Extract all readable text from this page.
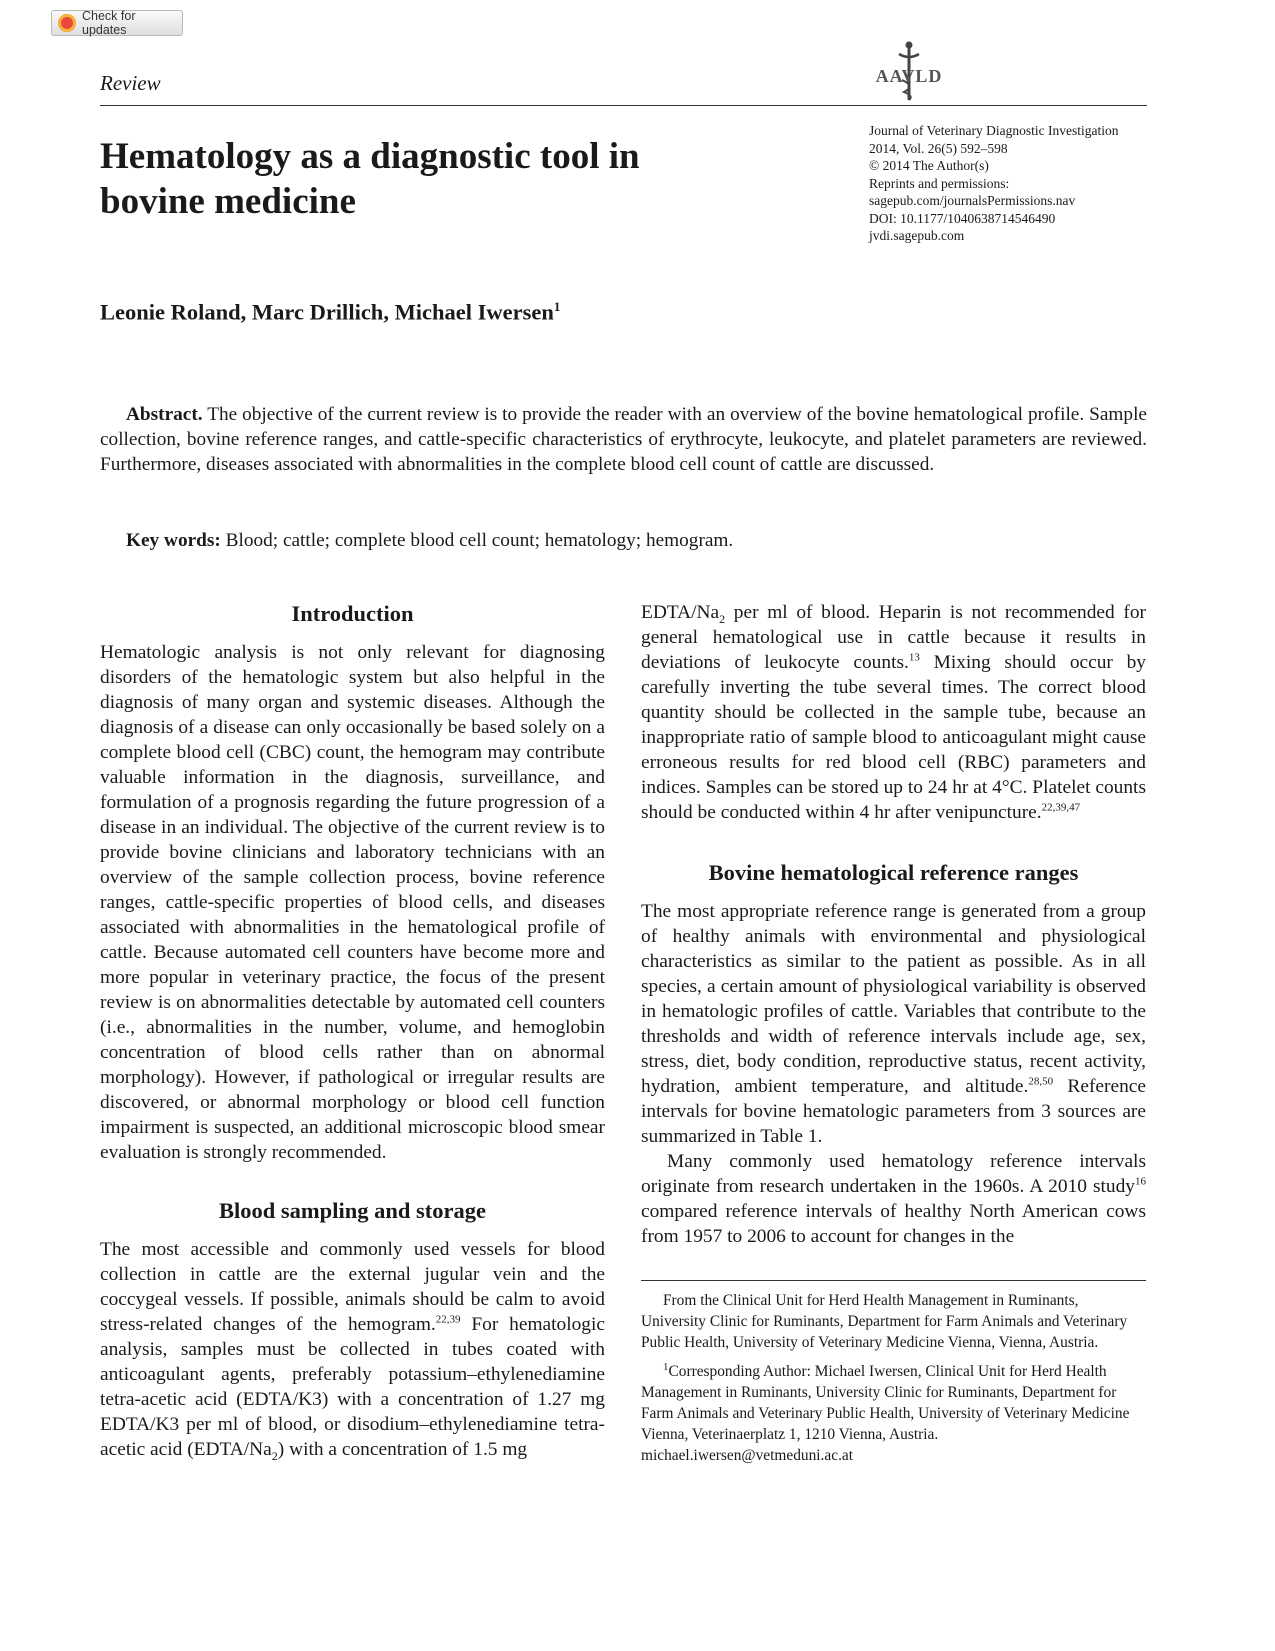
Check for updates
AAVLD
Review
Hematology as a diagnostic tool in
bovine medicine
Journal of Veterinary Diagnostic Investigation
2014, Vol. 26(5) 592–598
© 2014 The Author(s)
Reprints and permissions:
sagepub.com/journalsPermissions.nav
DOI: 10.1177/1040638714546490
jvdi.sagepub.com
Leonie Roland, Marc Drillich, Michael Iwersen$^1$

Abstract. The objective of the current review is to provide the reader with an overview of the bovine hematological profile. Sample collection, bovine reference ranges, and cattle-specific characteristics of erythrocyte, leukocyte, and platelet parameters are reviewed. Furthermore, diseases associated with abnormalities in the complete blood cell count of cattle are discussed.

Key words: Blood; cattle; complete blood cell count; hematology; hemogram.
Introduction

Hematologic analysis is not only relevant for diagnosing disorders of the hematologic system but also helpful in the diagnosis of many organ and systemic diseases. Although the diagnosis of a disease can only occasionally be based solely on a complete blood cell (CBC) count, the hemogram may contribute valuable information in the diagnosis, surveillance, and formulation of a prognosis regarding the future progression of a disease in an individual. The objective of the current review is to provide bovine clinicians and laboratory technicians with an overview of the sample collection process, bovine reference ranges, cattle-specific properties of blood cells, and diseases associated with abnormalities in the hematological profile of cattle. Because automated cell counters have become more and more popular in veterinary practice, the focus of the present review is on abnormalities detectable by automated cell counters (i.e., abnormalities in the number, volume, and hemoglobin concentration of blood cells rather than on abnormal morphology). However, if pathological or irregular results are discovered, or abnormal morphology or blood cell function impairment is suspected, an additional microscopic blood smear evaluation is strongly recommended.

Blood sampling and storage

The most accessible and commonly used vessels for blood collection in cattle are the external jugular vein and the coccygeal vessels. If possible, animals should be calm to avoid stress-related changes of the hemogram.$^{22,39}$ For hematologic analysis, samples must be collected in tubes coated with anticoagulant agents, preferably potassium–ethylenediamine tetra-acetic acid (EDTA/K3) with a concentration of 1.27 mg EDTA/K3 per ml of blood, or disodium–ethylenediamine tetra-acetic acid $(EDTA/Na_2)$ with a concentration of 1.5 mg

EDTA/$Na_2$ per ml of blood. Heparin is not recommended for general hematological use in cattle because it results in deviations of leukocyte counts.$^{13}$ Mixing should occur by carefully inverting the tube several times. The correct blood quantity should be collected in the sample tube, because an inappropriate ratio of sample blood to anticoagulant might cause erroneous results for red blood cell (RBC) parameters and indices. Samples can be stored up to 24 hr at 4°C. Platelet counts should be conducted within 4 hr after venipuncture.$^{22,39,47}$

Bovine hematological reference ranges

The most appropriate reference range is generated from a group of healthy animals with environmental and physiological characteristics as similar to the patient as possible. As in all species, a certain amount of physiological variability is observed in hematologic profiles of cattle. Variables that contribute to the thresholds and width of reference intervals include age, sex, stress, diet, body condition, reproductive status, recent activity, hydration, ambient temperature, and altitude.$^{28,50}$ Reference intervals for bovine hematologic parameters from 3 sources are summarized in Table 1.

Many commonly used hematology reference intervals originate from research undertaken in the 1960s. A 2010 study$^{16}$ compared reference intervals of healthy North American cows from 1957 to 2006 to account for changes in the

From the Clinical Unit for Herd Health Management in Ruminants, University Clinic for Ruminants, Department for Farm Animals and Veterinary Public Health, University of Veterinary Medicine Vienna, Vienna, Austria.

$^1$Corresponding Author: Michael Iwersen, Clinical Unit for Herd Health Management in Ruminants, University Clinic for Ruminants, Department for Farm Animals and Veterinary Public Health, University of Veterinary Medicine Vienna, Veterinaerplatz 1, 1210 Vienna, Austria.

michael.iwersen@vetmeduni.ac.at
